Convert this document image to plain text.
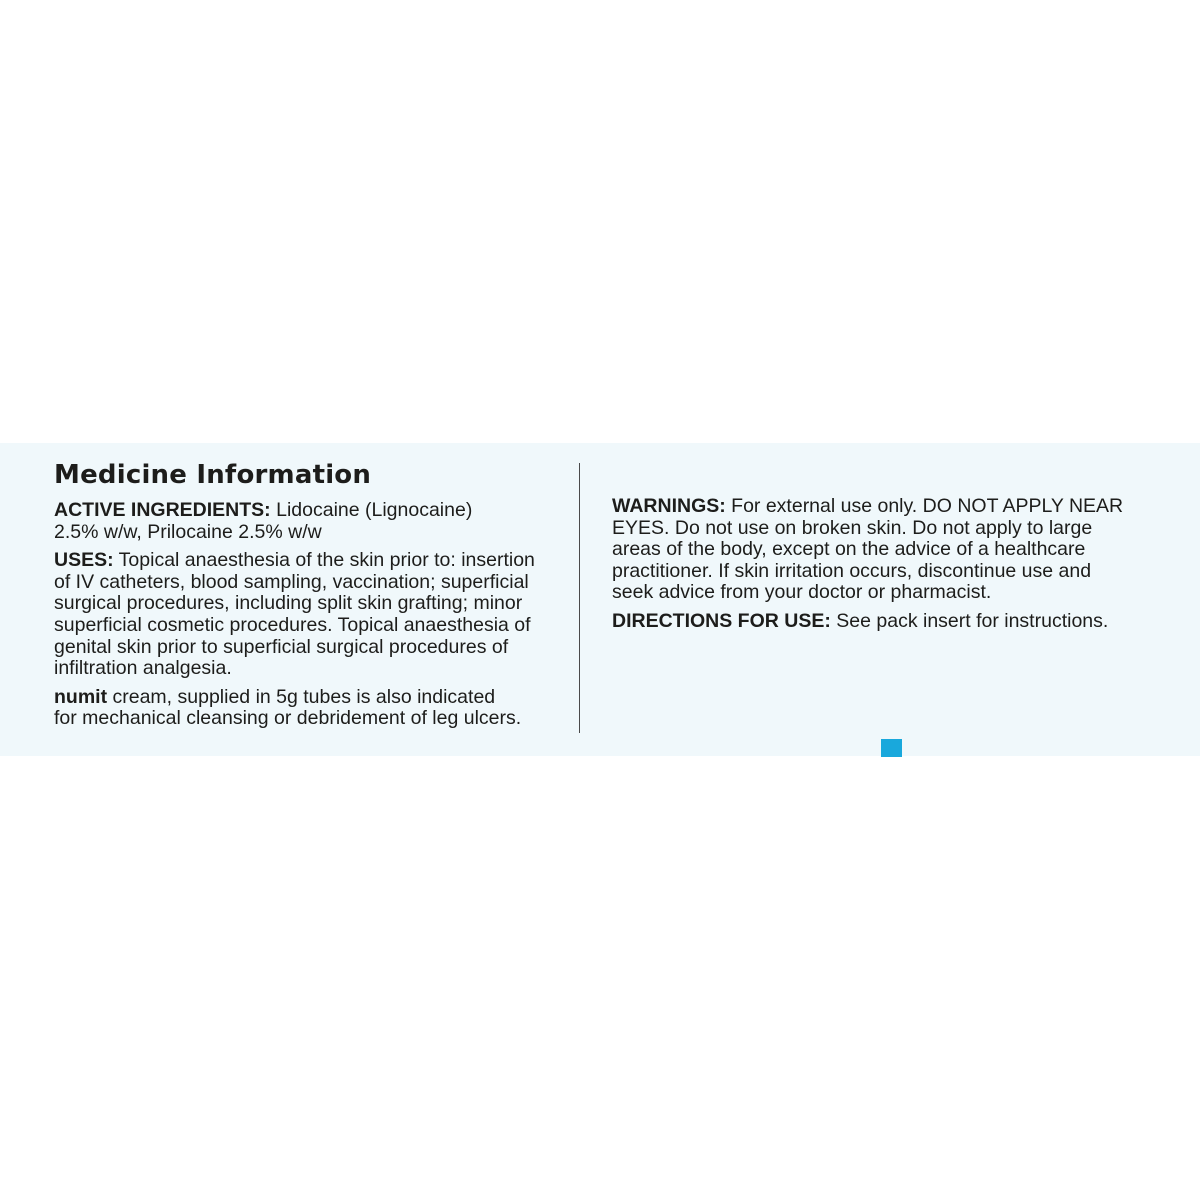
Medicine Information
ACTIVE INGREDIENTS: Lidocaine (Lignocaine)
2.5% w/w, Prilocaine 2.5% w/w
USES: Topical anaesthesia of the skin prior to: insertion
of IV catheters, blood sampling, vaccination; superficial
surgical procedures, including split skin grafting; minor
superficial cosmetic procedures. Topical anaesthesia of
genital skin prior to superficial surgical procedures of
infiltration analgesia.
numit cream, supplied in 5g tubes is also indicated
for mechanical cleansing or debridement of leg ulcers.
WARNINGS: For external use only. DO NOT APPLY NEAR
EYES. Do not use on broken skin. Do not apply to large
areas of the body, except on the advice of a healthcare
practitioner. If skin irritation occurs, discontinue use and
seek advice from your doctor or pharmacist.
DIRECTIONS FOR USE: See pack insert for instructions.
